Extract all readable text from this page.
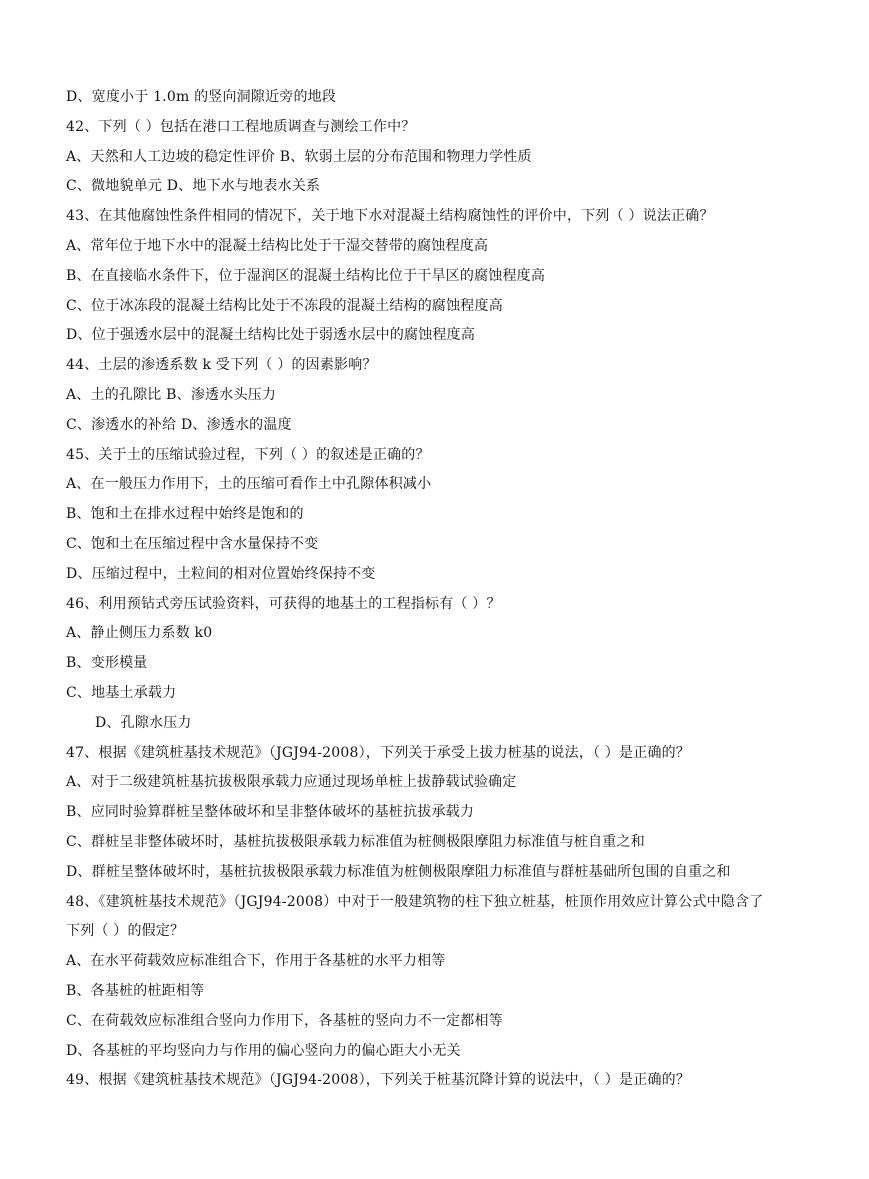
D、宽度小于 1.0m 的竖向洞隙近旁的地段
42、下列（ ）包括在港口工程地质调查与测绘工作中？
A、天然和人工边坡的稳定性评价 B、软弱土层的分布范围和物理力学性质
C、微地貌单元 D、地下水与地表水关系
43、在其他腐蚀性条件相同的情况下，关于地下水对混凝土结构腐蚀性的评价中，下列（ ）说法正确？
A、常年位于地下水中的混凝土结构比处于干湿交替带的腐蚀程度高
B、在直接临水条件下，位于湿润区的混凝土结构比位于干旱区的腐蚀程度高
C、位于冰冻段的混凝土结构比处于不冻段的混凝土结构的腐蚀程度高
D、位于强透水层中的混凝土结构比处于弱透水层中的腐蚀程度高
44、土层的渗透系数 k 受下列（ ）的因素影响？
A、土的孔隙比 B、渗透水头压力
C、渗透水的补给 D、渗透水的温度
45、关于土的压缩试验过程，下列（ ）的叙述是正确的？
A、在一般压力作用下，土的压缩可看作土中孔隙体积减小
B、饱和土在排水过程中始终是饱和的
C、饱和土在压缩过程中含水量保持不变
D、压缩过程中，土粒间的相对位置始终保持不变
46、利用预钻式旁压试验资料，可获得的地基土的工程指标有（ ）？
A、静止侧压力系数 k0
B、变形模量
C、地基土承载力
D、孔隙水压力
47、根据《建筑桩基技术规范》（JGJ94-2008），下列关于承受上拔力桩基的说法，（ ）是正确的？
A、对于二级建筑桩基抗拔极限承载力应通过现场单桩上拔静载试验确定
B、应同时验算群桩呈整体破坏和呈非整体破坏的基桩抗拔承载力
C、群桩呈非整体破坏时，基桩抗拔极限承载力标准值为桩侧极限摩阻力标准值与桩自重之和
D、群桩呈整体破坏时，基桩抗拔极限承载力标准值为桩侧极限摩阻力标准值与群桩基础所包围的自重之和
48、《建筑桩基技术规范》（JGJ94-2008）中对于一般建筑物的柱下独立桩基，桩顶作用效应计算公式中隐含了
下列（ ）的假定？
A、在水平荷载效应标准组合下，作用于各基桩的水平力相等
B、各基桩的桩距相等
C、在荷载效应标准组合竖向力作用下，各基桩的竖向力不一定都相等
D、各基桩的平均竖向力与作用的偏心竖向力的偏心距大小无关
49、根据《建筑桩基技术规范》（JGJ94-2008），下列关于桩基沉降计算的说法中，（ ）是正确的？
